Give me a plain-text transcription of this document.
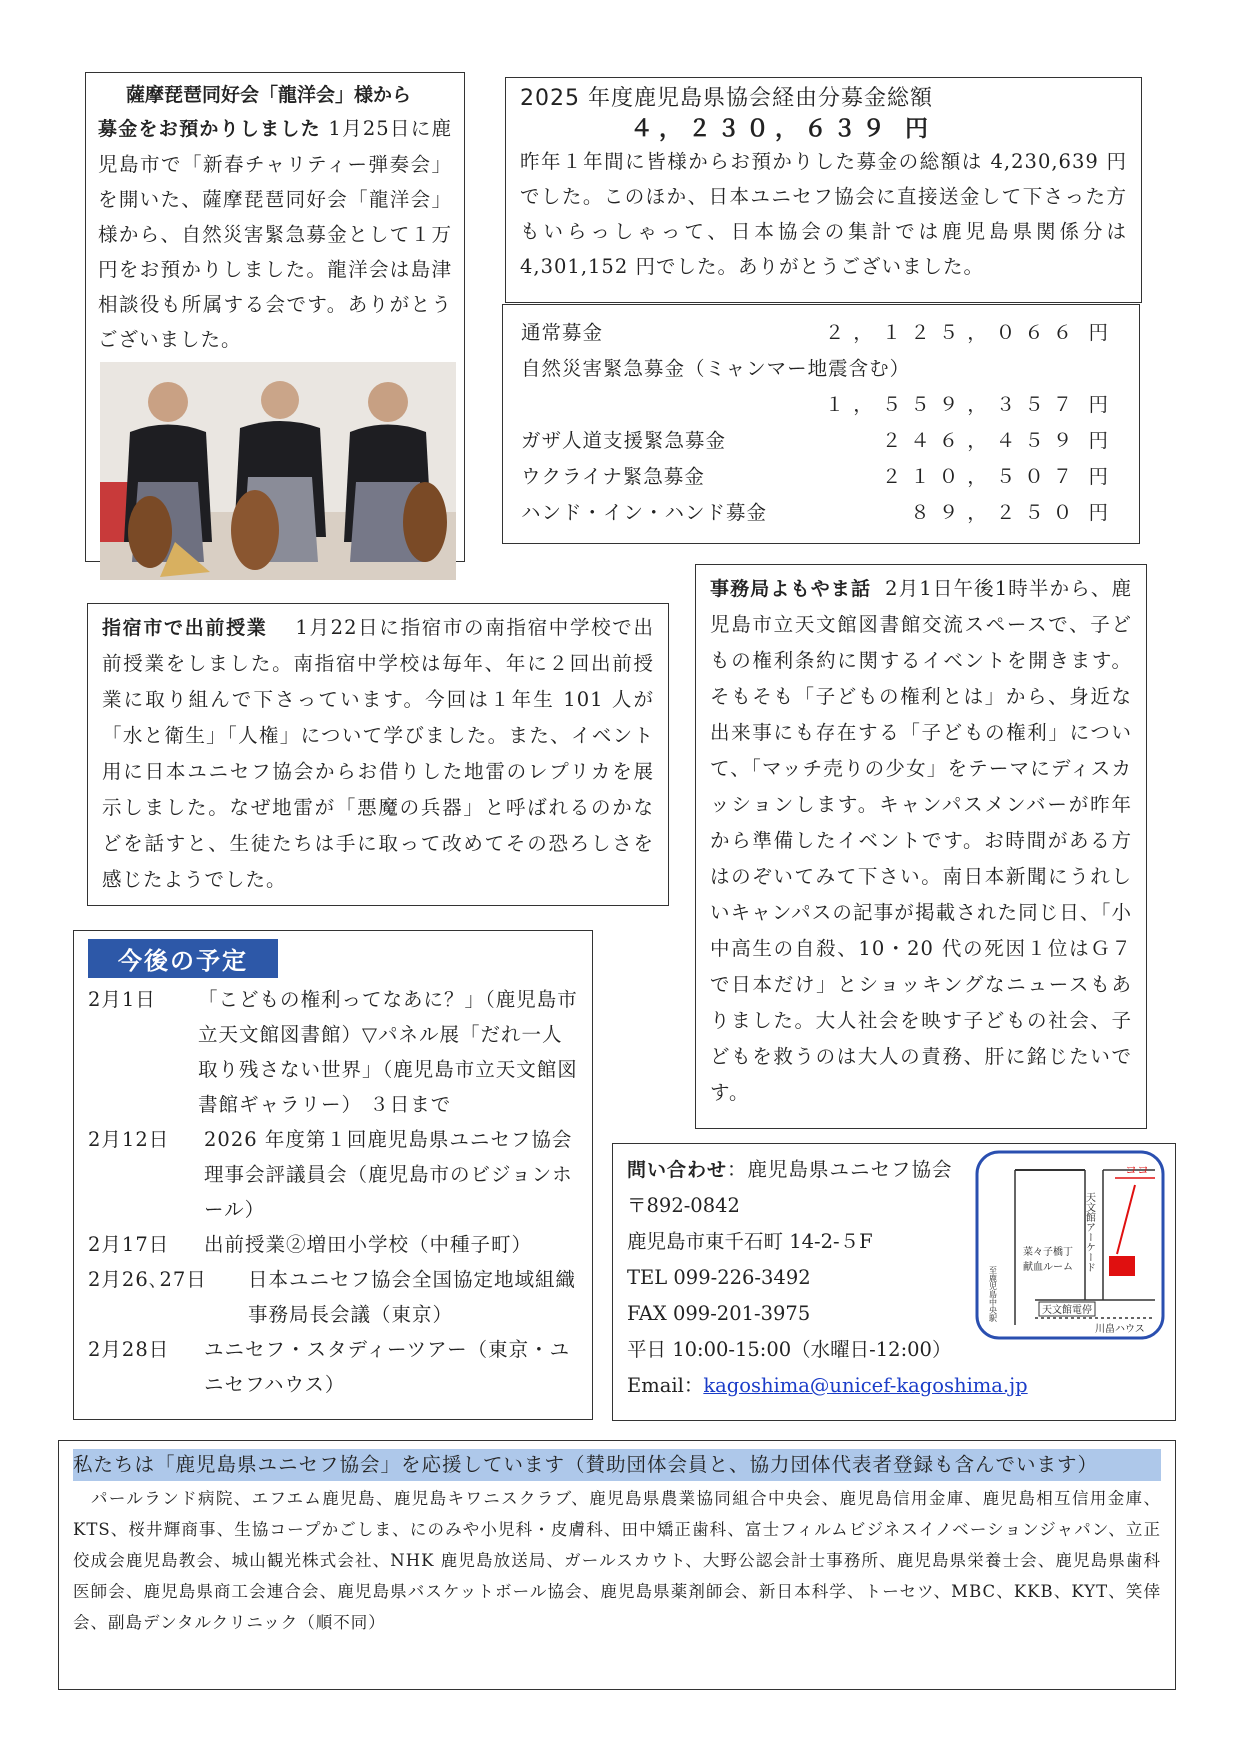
薩摩琵琶同好会「龍洋会」様から
募金をお預かりしました 1月25日に鹿児島市で「新春チャリティー弾奏会」を開いた、薩摩琵琶同好会「龍洋会」様から、自然災害緊急募金として１万円をお預かりしました。龍洋会は島津相談役も所属する会です。ありがとうございました。
2025 年度鹿児島県協会経由分募金総額
４，２３０，６３９ 円
昨年１年間に皆様からお預かりした募金の総額は 4,230,639 円でした。このほか、日本ユニセフ協会に直接送金して下さった方もいらっしゃって、日本協会の集計では鹿児島県関係分は 4,301,152 円でした。ありがとうございました。
通常募金	２，１２５，０６６ 円
自然災害緊急募金（ミャンマー地震含む）
１，５５９，３５７ 円
ガザ人道支援緊急募金	２４６，４５９ 円
ウクライナ緊急募金	２１０，５０７ 円
ハンド・イン・ハンド募金	８９，２５０ 円
指宿市で出前授業 1月22日に指宿市の南指宿中学校で出前授業をしました。南指宿中学校は毎年、年に２回出前授業に取り組んで下さっています。今回は１年生 101 人が「水と衛生」「人権」について学びました。また、イベント用に日本ユニセフ協会からお借りした地雷のレプリカを展示しました。なぜ地雷が「悪魔の兵器」と呼ばれるのかなどを話すと、生徒たちは手に取って改めてその恐ろしさを感じたようでした。
事務局よもやま話 2月1日午後1時半から、鹿児島市立天文館図書館交流スペースで、子どもの権利条約に関するイベントを開きます。そもそも「子どもの権利とは」から、身近な出来事にも存在する「子どもの権利」について、「マッチ売りの少女」をテーマにディスカッションします。キャンパスメンバーが昨年から準備したイベントです。お時間がある方はのぞいてみて下さい。南日本新聞にうれしいキャンパスの記事が掲載された同じ日、「小中高生の自殺、10・20 代の死因１位はＧ７で日本だけ」とショッキングなニュースもありました。大人社会を映す子どもの社会、子どもを救うのは大人の責務、肝に銘じたいです。
今後の予定
2月1日	「こどもの権利ってなあに？」（鹿児島市立天文館図書館）▽パネル展「だれ一人取り残さない世界」（鹿児島市立天文館図書館ギャラリー） ３日まで
2月12日	2026 年度第１回鹿児島県ユニセフ協会理事会評議員会（鹿児島市のビジョンホール）
2月17日	出前授業②増田小学校（中種子町）
2月26､27日	日本ユニセフ協会全国協定地域組織事務局長会議（東京）
2月28日	ユニセフ・スタディーツアー（東京・ユニセフハウス）
問い合わせ：鹿児島県ユニセフ協会
〒892-0842
鹿児島市東千石町 14-2-５F
TEL 099-226-3492
FAX 099-201-3975
平日 10:00-15:00（水曜日-12:00）
Email：kagoshima@unicef-kagoshima.jp
ココ
天文館アーケード
菜々子橋丁
献血ルーム
天文館電停
川畠ハウス
至鹿児島中央駅
私たちは「鹿児島県ユニセフ協会」を応援しています（賛助団体会員と、協力団体代表者登録も含んでいます）
パールランド病院、エフエム鹿児島、鹿児島キワニスクラブ、鹿児島県農業協同組合中央会、鹿児島信用金庫、鹿児島相互信用金庫、KTS、桜井輝商事、生協コープかごしま、にのみや小児科・皮膚科、田中矯正歯科、富士フィルムビジネスイノベーションジャパン、立正佼成会鹿児島教会、城山観光株式会社、NHK 鹿児島放送局、ガールスカウト、大野公認会計士事務所、鹿児島県栄養士会、鹿児島県歯科医師会、鹿児島県商工会連合会、鹿児島県バスケットボール協会、鹿児島県薬剤師会、新日本科学、トーセツ、MBC、KKB、KYT、笑倖会、副島デンタルクリニック（順不同）
